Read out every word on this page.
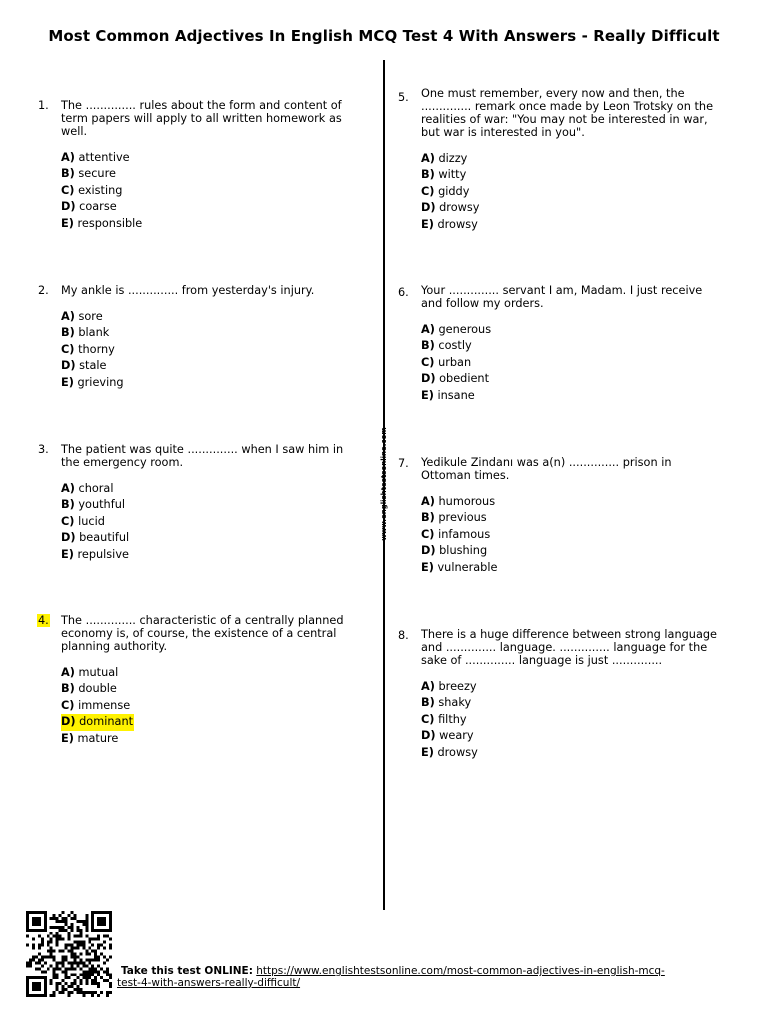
Most Common Adjectives In English MCQ Test 4 With Answers - Really Difficult
www.englishtestsonline.com
1. The .............. rules about the form and content of term papers will apply to all written homework as well.

A) attentive
B) secure
C) existing
D) coarse
E) responsible
2. My ankle is .............. from yesterday's injury.

A) sore
B) blank
C) thorny
D) stale
E) grieving
3. The patient was quite .............. when I saw him in the emergency room.

A) choral
B) youthful
C) lucid
D) beautiful
E) repulsive
4. The .............. characteristic of a centrally planned economy is, of course, the existence of a central planning authority.

A) mutual
B) double
C) immense
D) dominant
E) mature
5. One must remember, every now and then, the .............. remark once made by Leon Trotsky on the realities of war: "You may not be interested in war, but war is interested in you".

A) dizzy
B) witty
C) giddy
D) drowsy
E) drowsy
6. Your .............. servant I am, Madam. I just receive and follow my orders.

A) generous
B) costly
C) urban
D) obedient
E) insane
7. Yedikule Zindanı was a(n) .............. prison in Ottoman times.

A) humorous
B) previous
C) infamous
D) blushing
E) vulnerable
8. There is a huge difference between strong language and .............. language. .............. language for the sake of .............. language is just ..............

A) breezy
B) shaky
C) filthy
D) weary
E) drowsy
Take this test ONLINE: https://www.englishtestsonline.com/most-common-adjectives-in-english-mcq-
test-4-with-answers-really-difficult/
